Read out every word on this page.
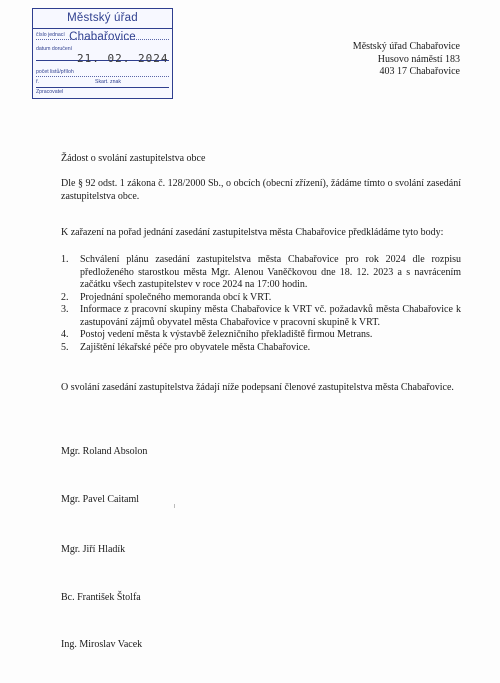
Městský úřad Chabařovice
číslo jednací
datum doručení
21. 02. 2024
počet listů/příloh
ř.	Skart. znak
Zpracovatel
Městský úřad Chabařovice
Husovo náměstí 183
403 17 Chabařovice
Žádost o svolání zastupitelstva obce
Dle § 92 odst. 1 zákona č. 128/2000 Sb., o obcích (obecní zřízení), žádáme tímto o svolání zasedání zastupitelstva obce.
K zařazení na pořad jednání zasedání zastupitelstva města Chabařovice předkládáme tyto body:
1. Schválení plánu zasedání zastupitelstva města Chabařovice pro rok 2024 dle rozpisu předloženého starostkou města Mgr. Alenou Vaněčkovou dne 18. 12. 2023 a s navrácením začátku všech zastupitelstev v roce 2024 na 17:00 hodin.
2. Projednání společného memoranda obcí k VRT.
3. Informace z pracovní skupiny města Chabařovice k VRT vč. požadavků města Chabařovice k zastupování zájmů obyvatel města Chabařovice v pracovní skupině k VRT.
4. Postoj vedení města k výstavbě železničního překladiště firmou Metrans.
5. Zajištění lékařské péče pro obyvatele města Chabařovice.
O svolání zasedání zastupitelstva žádají níže podepsaní členové zastupitelstva města Chabařovice.
Mgr. Roland Absolon
Mgr. Pavel Caitaml
Mgr. Jiří Hladík
Bc. František Štolfa
Ing. Miroslav Vacek
